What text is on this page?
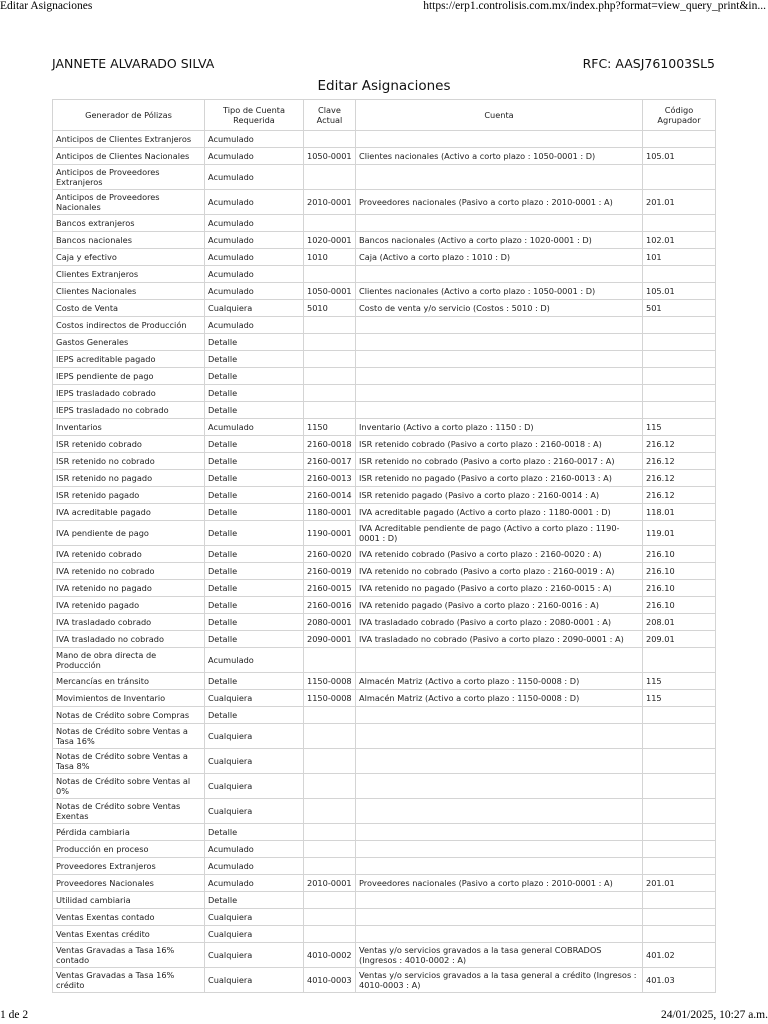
Editar Asignaciones	https://erp1.controlisis.com.mx/index.php?format=view_query_print&in...
JANNETE ALVARADO SILVA	RFC: AASJ761003SL5
Editar Asignaciones
Generador de Pólizas	Tipo de Cuenta Requerida	Clave Actual	Cuenta	Código Agrupador
Anticipos de Clientes Extranjeros	Acumulado			
Anticipos de Clientes Nacionales	Acumulado	1050-0001	Clientes nacionales (Activo a corto plazo : 1050-0001 : D)	105.01
Anticipos de Proveedores Extranjeros	Acumulado			
Anticipos de Proveedores Nacionales	Acumulado	2010-0001	Proveedores nacionales (Pasivo a corto plazo : 2010-0001 : A)	201.01
Bancos extranjeros	Acumulado			
Bancos nacionales	Acumulado	1020-0001	Bancos nacionales (Activo a corto plazo : 1020-0001 : D)	102.01
Caja y efectivo	Acumulado	1010	Caja (Activo a corto plazo : 1010 : D)	101
Clientes Extranjeros	Acumulado			
Clientes Nacionales	Acumulado	1050-0001	Clientes nacionales (Activo a corto plazo : 1050-0001 : D)	105.01
Costo de Venta	Cualquiera	5010	Costo de venta y/o servicio (Costos : 5010 : D)	501
Costos indirectos de Producción	Acumulado			
Gastos Generales	Detalle			
IEPS acreditable pagado	Detalle			
IEPS pendiente de pago	Detalle			
IEPS trasladado cobrado	Detalle			
IEPS trasladado no cobrado	Detalle			
Inventarios	Acumulado	1150	Inventario (Activo a corto plazo : 1150 : D)	115
ISR retenido cobrado	Detalle	2160-0018	ISR retenido cobrado (Pasivo a corto plazo : 2160-0018 : A)	216.12
ISR retenido no cobrado	Detalle	2160-0017	ISR retenido no cobrado (Pasivo a corto plazo : 2160-0017 : A)	216.12
ISR retenido no pagado	Detalle	2160-0013	ISR retenido no pagado (Pasivo a corto plazo : 2160-0013 : A)	216.12
ISR retenido pagado	Detalle	2160-0014	ISR retenido pagado (Pasivo a corto plazo : 2160-0014 : A)	216.12
IVA acreditable pagado	Detalle	1180-0001	IVA acreditable pagado (Activo a corto plazo : 1180-0001 : D)	118.01
IVA pendiente de pago	Detalle	1190-0001	IVA Acreditable pendiente de pago (Activo a corto plazo : 1190-0001 : D)	119.01
IVA retenido cobrado	Detalle	2160-0020	IVA retenido cobrado (Pasivo a corto plazo : 2160-0020 : A)	216.10
IVA retenido no cobrado	Detalle	2160-0019	IVA retenido no cobrado (Pasivo a corto plazo : 2160-0019 : A)	216.10
IVA retenido no pagado	Detalle	2160-0015	IVA retenido no pagado (Pasivo a corto plazo : 2160-0015 : A)	216.10
IVA retenido pagado	Detalle	2160-0016	IVA retenido pagado (Pasivo a corto plazo : 2160-0016 : A)	216.10
IVA trasladado cobrado	Detalle	2080-0001	IVA trasladado cobrado (Pasivo a corto plazo : 2080-0001 : A)	208.01
IVA trasladado no cobrado	Detalle	2090-0001	IVA trasladado no cobrado (Pasivo a corto plazo : 2090-0001 : A)	209.01
Mano de obra directa de Producción	Acumulado			
Mercancías en tránsito	Detalle	1150-0008	Almacén Matriz (Activo a corto plazo : 1150-0008 : D)	115
Movimientos de Inventario	Cualquiera	1150-0008	Almacén Matriz (Activo a corto plazo : 1150-0008 : D)	115
Notas de Crédito sobre Compras	Detalle			
Notas de Crédito sobre Ventas a Tasa 16%	Cualquiera			
Notas de Crédito sobre Ventas a Tasa 8%	Cualquiera			
Notas de Crédito sobre Ventas al 0%	Cualquiera			
Notas de Crédito sobre Ventas Exentas	Cualquiera			
Pérdida cambiaria	Detalle			
Producción en proceso	Acumulado			
Proveedores Extranjeros	Acumulado			
Proveedores Nacionales	Acumulado	2010-0001	Proveedores nacionales (Pasivo a corto plazo : 2010-0001 : A)	201.01
Utilidad cambiaria	Detalle			
Ventas Exentas contado	Cualquiera			
Ventas Exentas crédito	Cualquiera			
Ventas Gravadas a Tasa 16% contado	Cualquiera	4010-0002	Ventas y/o servicios gravados a la tasa general COBRADOS (Ingresos : 4010-0002 : A)	401.02
Ventas Gravadas a Tasa 16% crédito	Cualquiera	4010-0003	Ventas y/o servicios gravados a la tasa general a crédito (Ingresos : 4010-0003 : A)	401.03
1 de 2	24/01/2025, 10:27 a.m.
